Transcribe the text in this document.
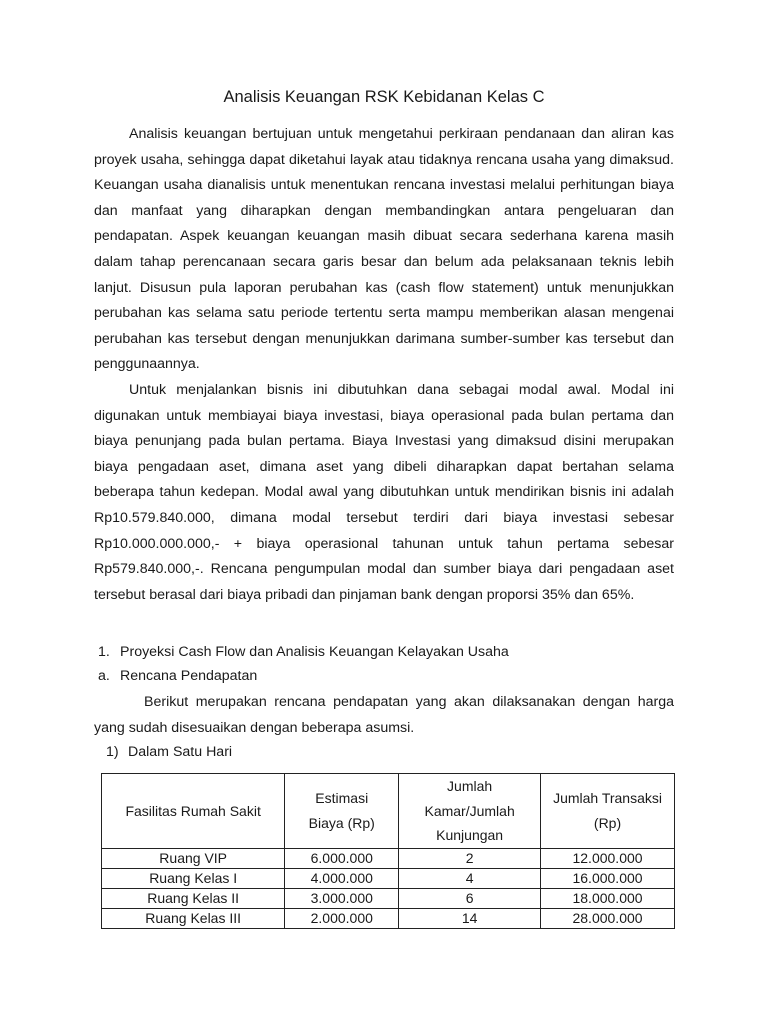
Analisis Keuangan RSK Kebidanan Kelas C

Analisis keuangan bertujuan untuk mengetahui perkiraan pendanaan dan aliran kas proyek usaha, sehingga dapat diketahui layak atau tidaknya rencana usaha yang dimaksud. Keuangan usaha dianalisis untuk menentukan rencana investasi melalui perhitungan biaya dan manfaat yang diharapkan dengan membandingkan antara pengeluaran dan pendapatan. Aspek keuangan keuangan masih dibuat secara sederhana karena masih dalam tahap perencanaan secara garis besar dan belum ada pelaksanaan teknis lebih lanjut. Disusun pula laporan perubahan kas (cash flow statement) untuk menunjukkan perubahan kas selama satu periode tertentu serta mampu memberikan alasan mengenai perubahan kas tersebut dengan menunjukkan darimana sumber-sumber kas tersebut dan penggunaannya.

Untuk menjalankan bisnis ini dibutuhkan dana sebagai modal awal. Modal ini digunakan untuk membiayai biaya investasi, biaya operasional pada bulan pertama dan biaya penunjang pada bulan pertama. Biaya Investasi yang dimaksud disini merupakan biaya pengadaan aset, dimana aset yang dibeli diharapkan dapat bertahan selama beberapa tahun kedepan. Modal awal yang dibutuhkan untuk mendirikan bisnis ini adalah Rp10.579.840.000, dimana modal tersebut terdiri dari biaya investasi sebesar Rp10.000.000.000,- + biaya operasional tahunan untuk tahun pertama sebesar Rp579.840.000,-. Rencana pengumpulan modal dan sumber biaya dari pengadaan aset tersebut berasal dari biaya pribadi dan pinjaman bank dengan proporsi 35% dan 65%.

1. Proyeksi Cash Flow dan Analisis Keuangan Kelayakan Usaha
a. Rencana Pendapatan

Berikut merupakan rencana pendapatan yang akan dilaksanakan dengan harga yang sudah disesuaikan dengan beberapa asumsi.

1) Dalam Satu Hari
Fasilitas Rumah Sakit	Estimasi Biaya (Rp)	Jumlah Kamar/Jumlah Kunjungan	Jumlah Transaksi (Rp)

Ruang VIP	6.000.000	2	12.000.000
Ruang Kelas I	4.000.000	4	16.000.000
Ruang Kelas II	3.000.000	6	18.000.000
Ruang Kelas III	2.000.000	14	28.000.000
